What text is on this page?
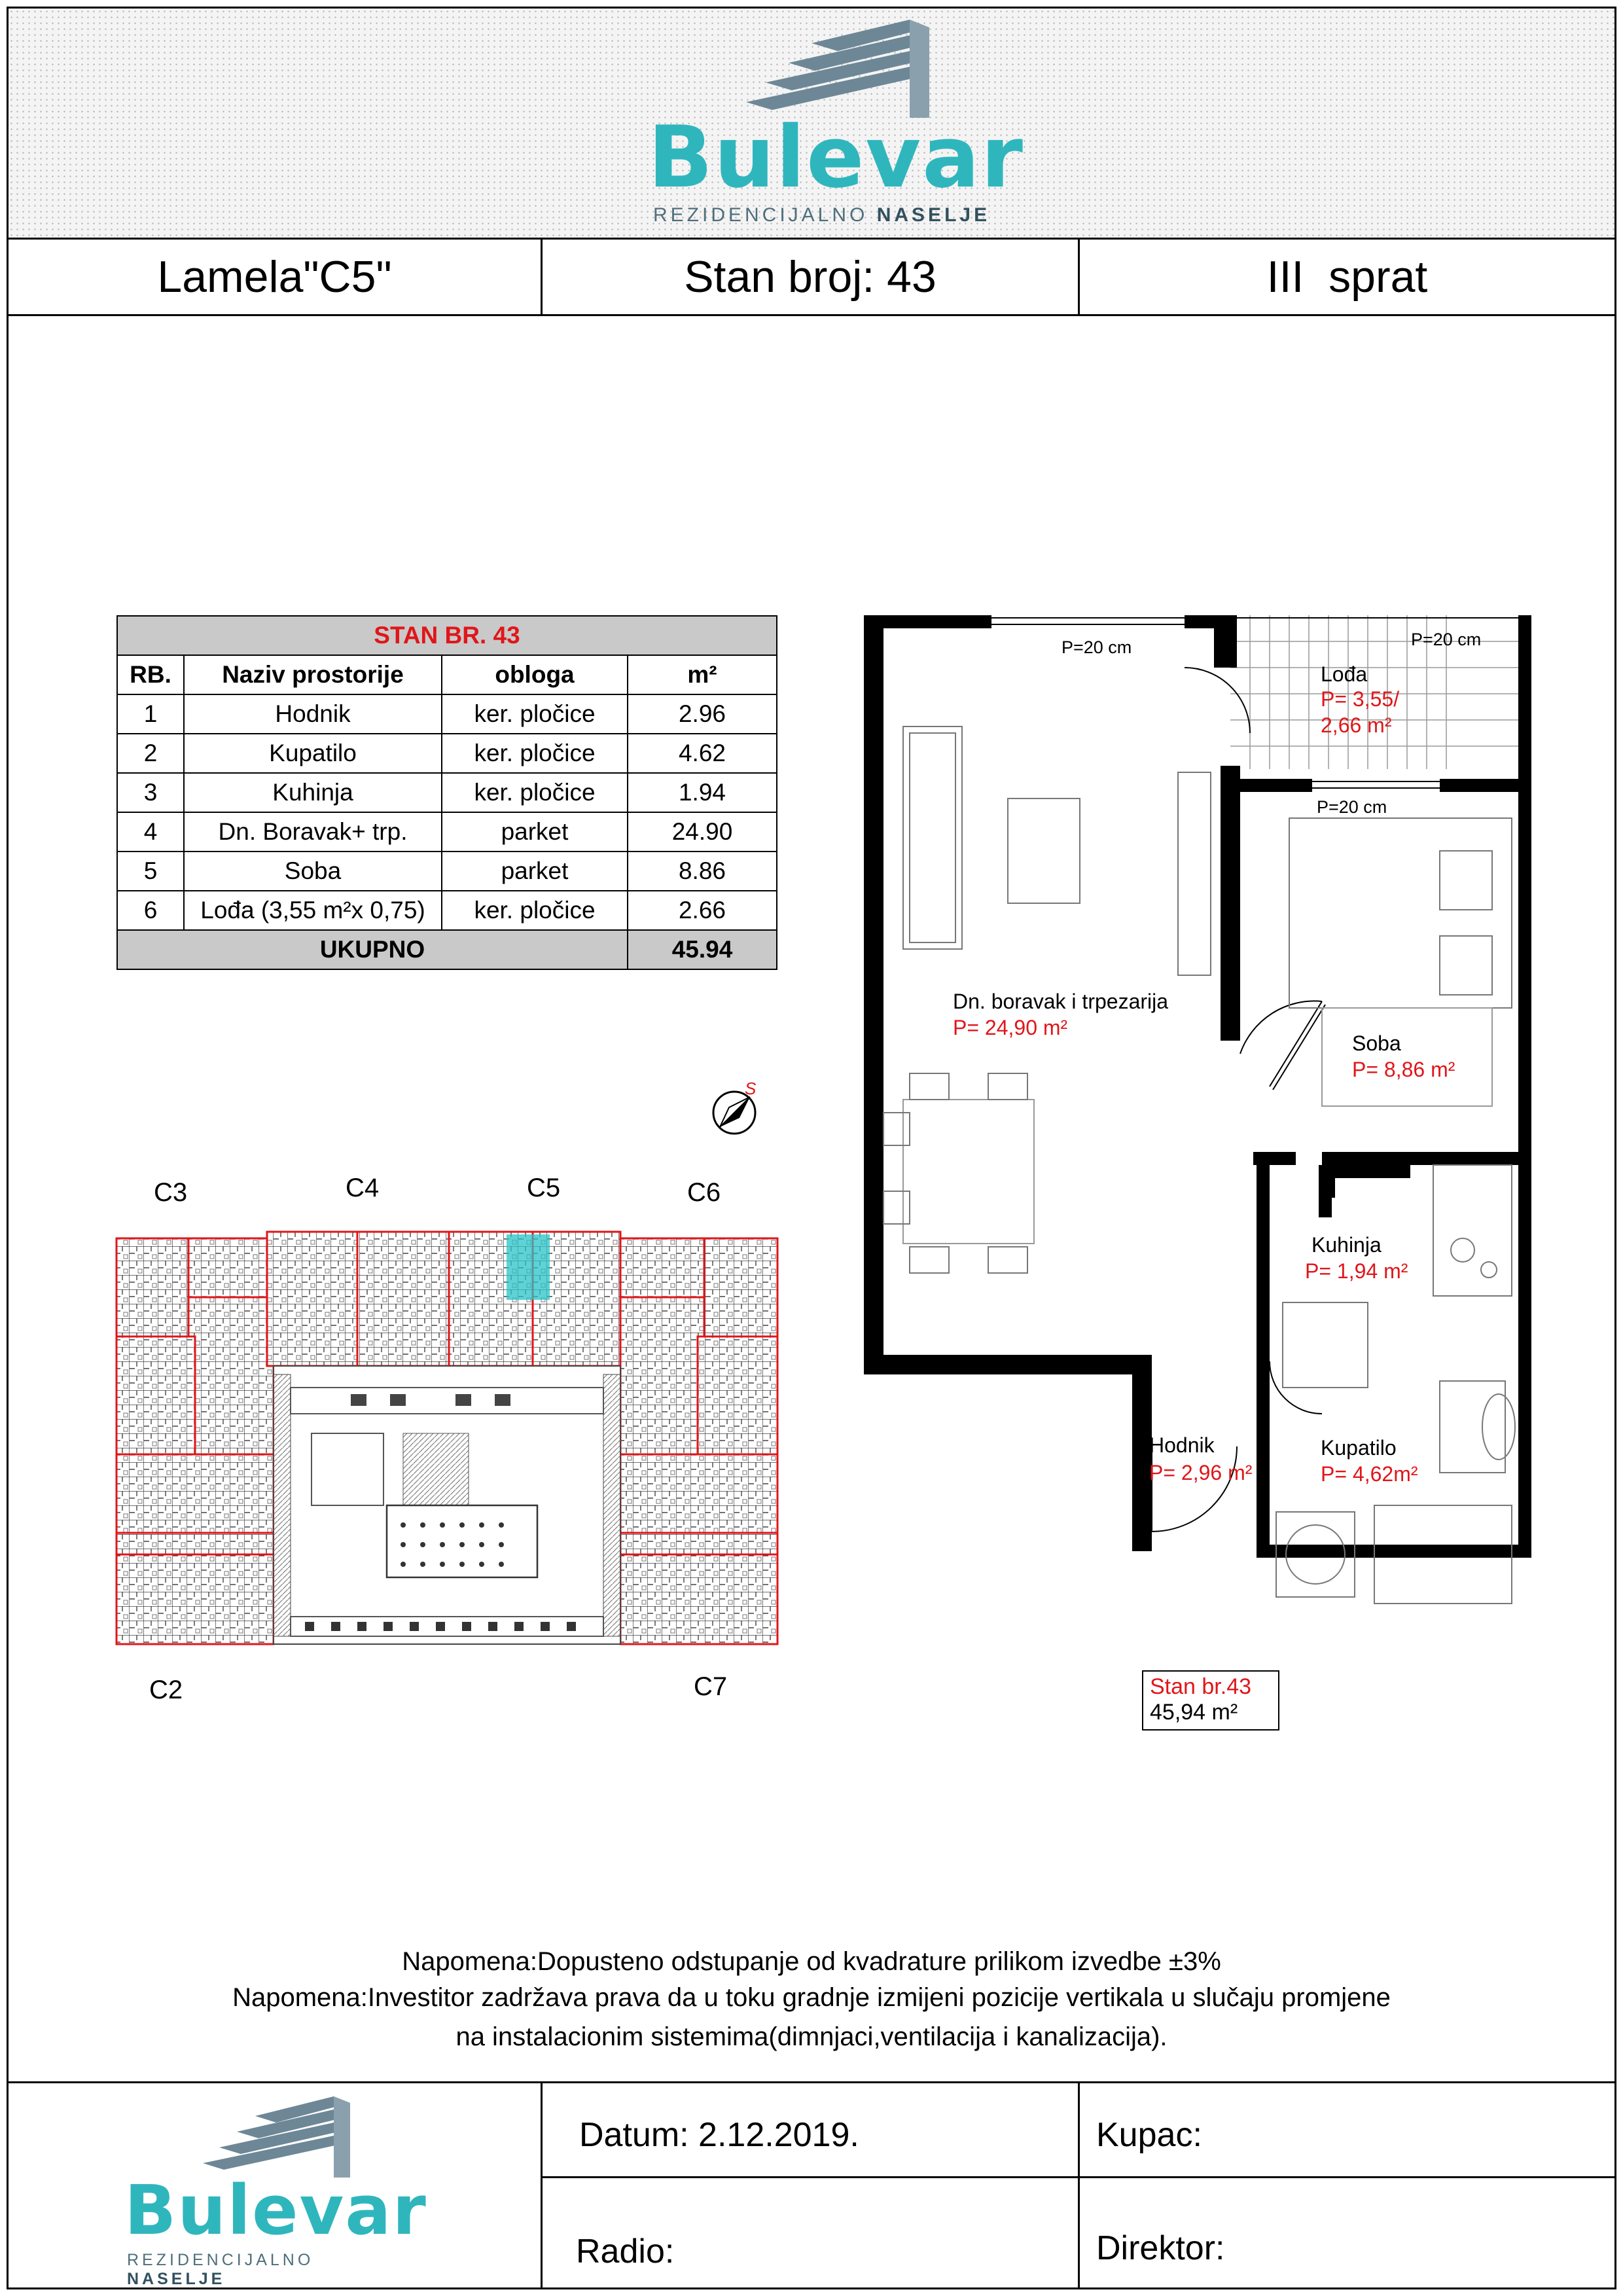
Bulevar
REZIDENCIJALNO NASELJE
Lamela"C5"	Stan broj: 43	III  sprat
STAN BR. 43			
RB.	Naziv prostorije	obloga	m²
1	Hodnik	ker. pločice	2.96
2	Kupatilo	ker. pločice	4.62
3	Kuhinja	ker. pločice	1.94
4	Dn. Boravak+ trp.	parket	24.90
5	Soba	parket	8.86
6	Lođa (3,55 m²x 0,75)	ker. pločice	2.66
UKUPNO			45.94
S
C3	C4	C5	C6
C2	C7
P=20 cm	P=20 cm
P=20 cm
Lođa
P= 3,55/
2,66 m²
Dn. boravak i trpezarija
P= 24,90 m²
Soba
P= 8,86 m²
Kuhinja
P= 1,94 m²
Hodnik
P= 2,96 m²
Kupatilo
P= 4,62m²
Stan br.43
45,94 m²
Napomena:Dopusteno odstupanje od kvadrature prilikom izvedbe ±3%
Napomena:Investitor zadržava prava da u toku gradnje izmijeni pozicije vertikala u slučaju promjene
na instalacionim sistemima(dimnjaci,ventilacija i kanalizacija).
Bulevar
REZIDENCIJALNO NASELJE
Datum: 2.12.2019.	Kupac:
Radio:	Direktor:
